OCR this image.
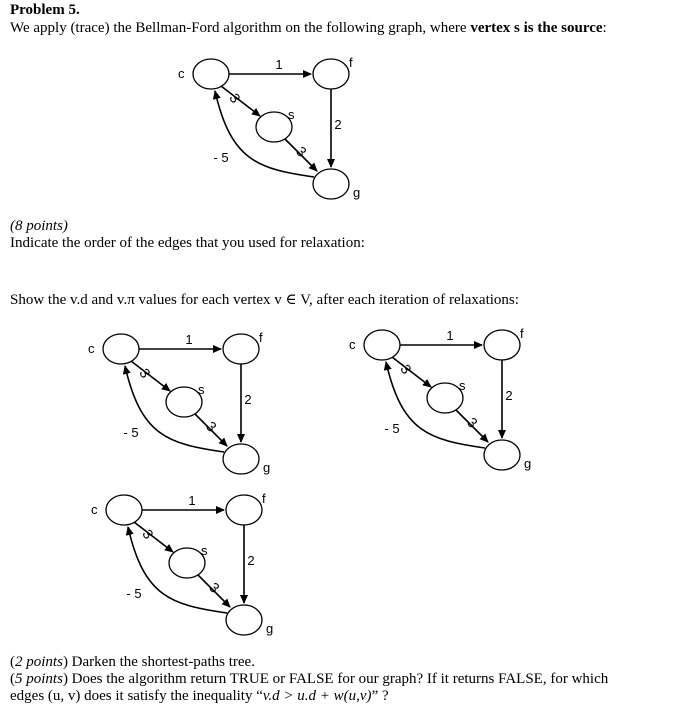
Problem 5.
We apply (trace) the Bellman-Ford algorithm on the following graph, where vertex s is the source:
1
3
2
3
- 5
c
f
s
g
(8 points)
Indicate the order of the edges that you used for relaxation:
Show the v.d and v.π values for each vertex v ∈ V, after each iteration of relaxations:
1
3
2
3
- 5
c
f
s
g
1
3
2
3
- 5
c
f
s
g
1
3
2
3
- 5
c
f
s
g
(2 points) Darken the shortest-paths tree.
(5 points) Does the algorithm return TRUE or FALSE for our graph? If it returns FALSE, for which
edges (u, v) does it satisfy the inequality “v.d > u.d + w(u,v)” ?
